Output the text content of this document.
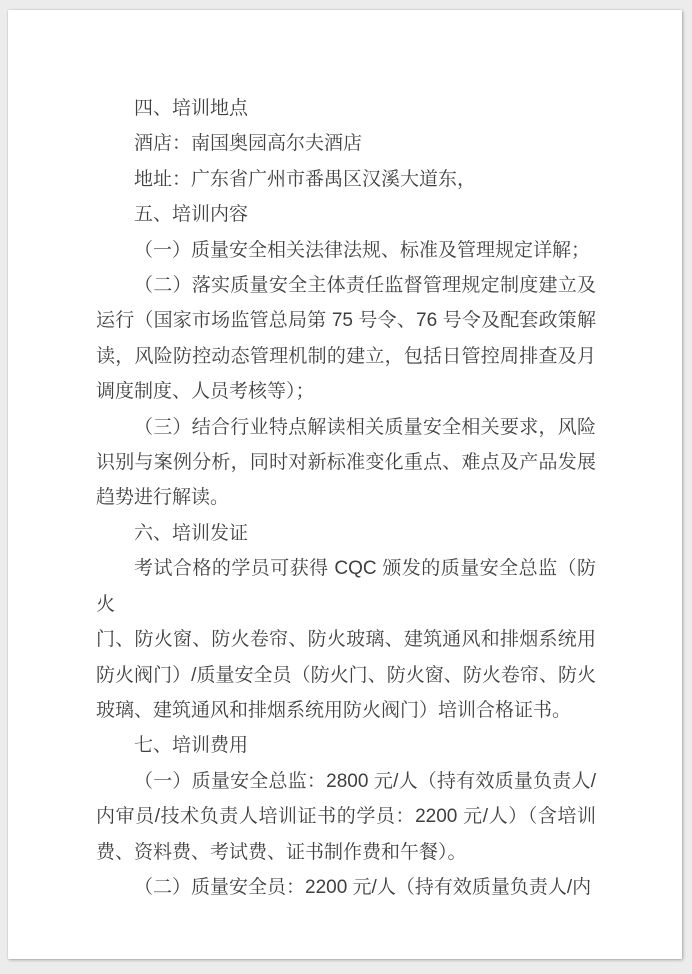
四、培训地点
酒店：南国奥园高尔夫酒店
地址：广东省广州市番禺区汉溪大道东，
五、培训内容
（一）质量安全相关法律法规、标准及管理规定详解；
（二）落实质量安全主体责任监督管理规定制度建立及
运行（国家市场监管总局第 75 号令、76 号令及配套政策解
读，风险防控动态管理机制的建立，包括日管控周排查及月
调度制度、人员考核等）；
（三）结合行业特点解读相关质量安全相关要求，风险
识别与案例分析，同时对新标准变化重点、难点及产品发展
趋势进行解读。
六、培训发证
考试合格的学员可获得 CQC 颁发的质量安全总监（防火
门、防火窗、防火卷帘、防火玻璃、建筑通风和排烟系统用
防火阀门）/质量安全员（防火门、防火窗、防火卷帘、防火
玻璃、建筑通风和排烟系统用防火阀门）培训合格证书。
七、培训费用
（一）质量安全总监：2800 元/人（持有效质量负责人/
内审员/技术负责人培训证书的学员：2200 元/人）（含培训
费、资料费、考试费、证书制作费和午餐）。
（二）质量安全员：2200 元/人（持有效质量负责人/内
